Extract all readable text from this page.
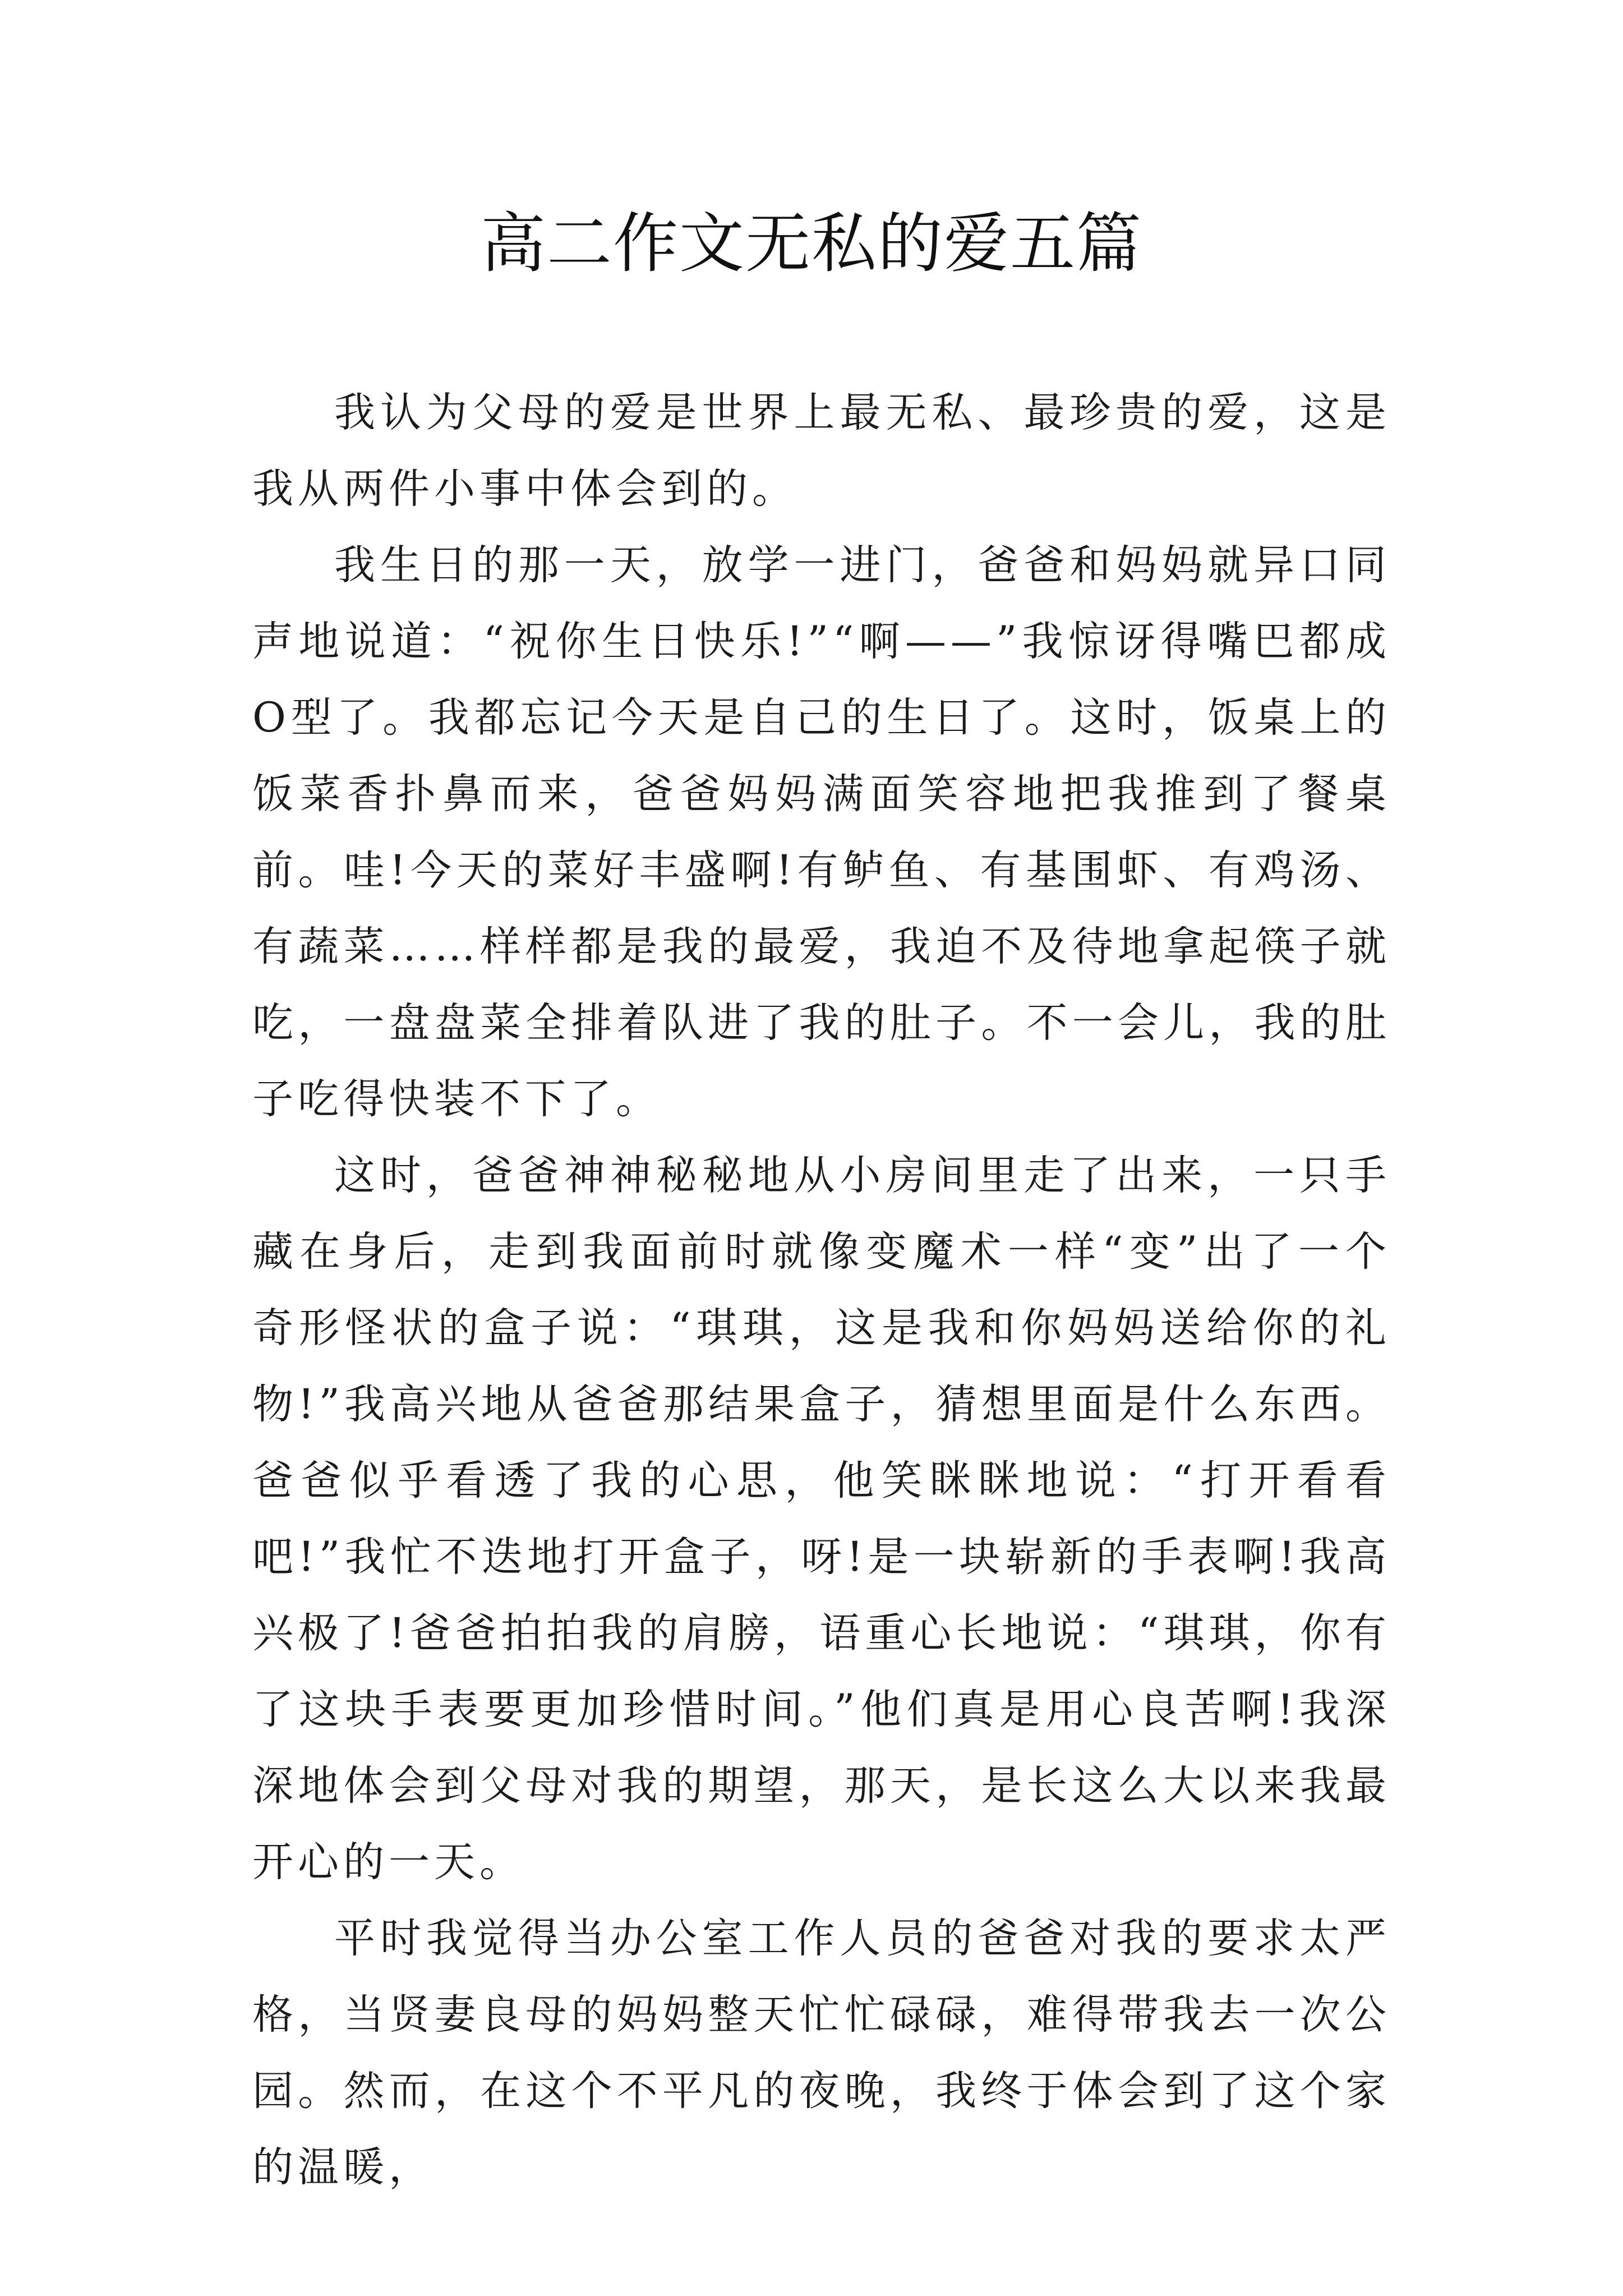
高二作文无私的爱五篇

我认为父母的爱是世界上最无私、最珍贵的爱，这是我从两件小事中体会到的。

我生日的那一天，放学一进门，爸爸和妈妈就异口同声地说道：“祝你生日快乐!”“啊——”我惊讶得嘴巴都成O型了。我都忘记今天是自己的生日了。这时，饭桌上的饭菜香扑鼻而来，爸爸妈妈满面笑容地把我推到了餐桌前。哇!今天的菜好丰盛啊!有鲈鱼、有基围虾、有鸡汤、有蔬菜……样样都是我的最爱，我迫不及待地拿起筷子就吃，一盘盘菜全排着队进了我的肚子。不一会儿，我的肚子吃得快装不下了。

这时，爸爸神神秘秘地从小房间里走了出来，一只手藏在身后，走到我面前时就像变魔术一样“变”出了一个奇形怪状的盒子说：“琪琪，这是我和你妈妈送给你的礼物!”我高兴地从爸爸那结果盒子，猜想里面是什么东西。爸爸似乎看透了我的心思，他笑眯眯地说：“打开看看吧!”我忙不迭地打开盒子，呀!是一块崭新的手表啊!我高兴极了!爸爸拍拍我的肩膀，语重心长地说：“琪琪，你有了这块手表要更加珍惜时间。”他们真是用心良苦啊!我深深地体会到父母对我的期望，那天，是长这么大以来我最开心的一天。

平时我觉得当办公室工作人员的爸爸对我的要求太严格，当贤妻良母的妈妈整天忙忙碌碌，难得带我去一次公园。然而，在这个不平凡的夜晚，我终于体会到了这个家的温暖，
